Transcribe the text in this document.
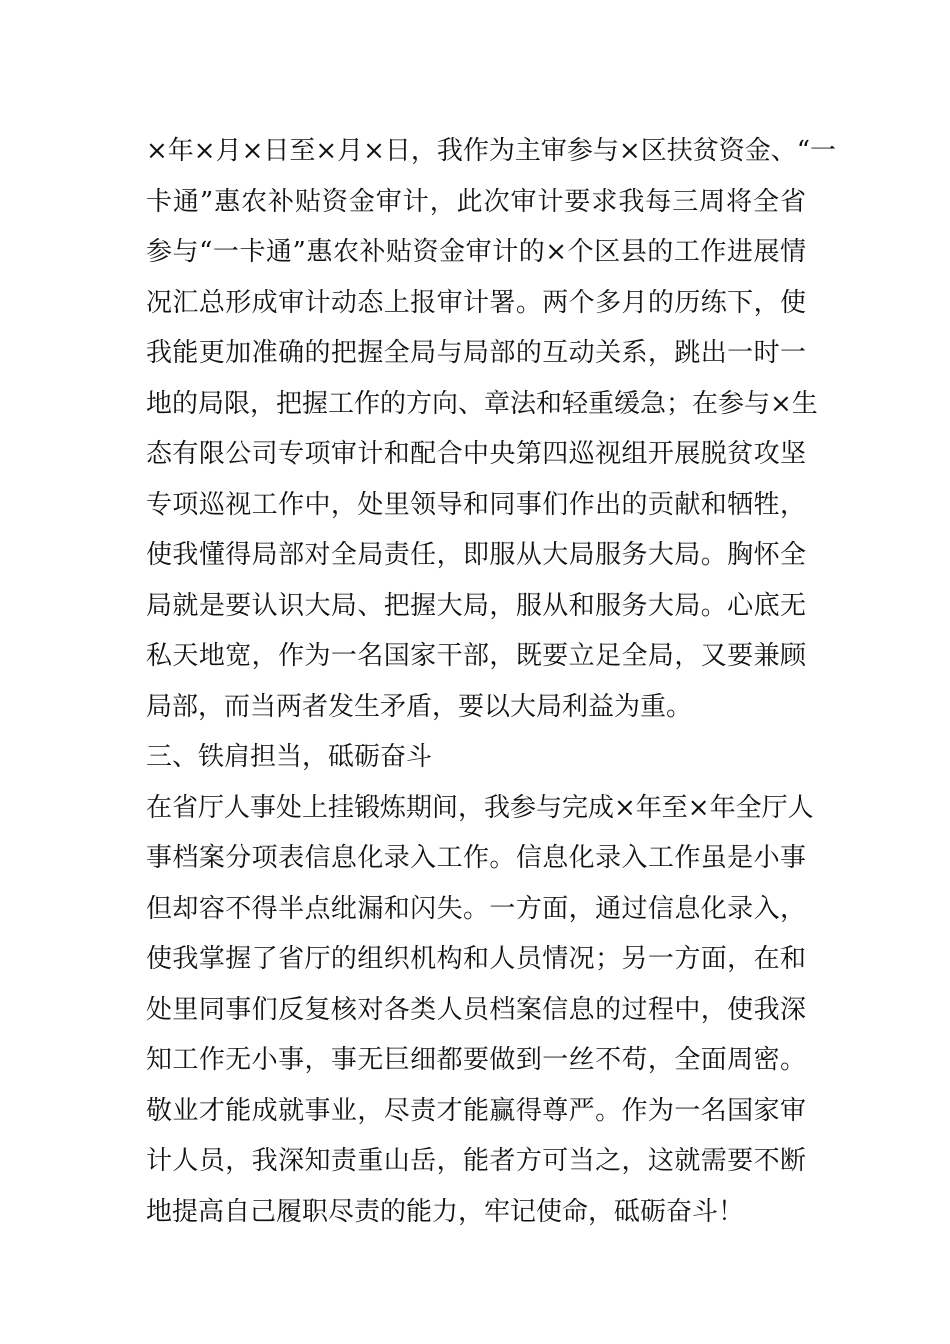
×年×月×日至×月×日，我作为主审参与×区扶贫资金、“一
卡通”惠农补贴资金审计，此次审计要求我每三周将全省
参与“一卡通”惠农补贴资金审计的×个区县的工作进展情
况汇总形成审计动态上报审计署。两个多月的历练下，使
我能更加准确的把握全局与局部的互动关系，跳出一时一
地的局限，把握工作的方向、章法和轻重缓急；在参与×生
态有限公司专项审计和配合中央第四巡视组开展脱贫攻坚
专项巡视工作中，处里领导和同事们作出的贡献和牺牲，
使我懂得局部对全局责任，即服从大局服务大局。胸怀全
局就是要认识大局、把握大局，服从和服务大局。心底无
私天地宽，作为一名国家干部，既要立足全局，又要兼顾
局部，而当两者发生矛盾，要以大局利益为重。
三、铁肩担当，砥砺奋斗
在省厅人事处上挂锻炼期间，我参与完成×年至×年全厅人
事档案分项表信息化录入工作。信息化录入工作虽是小事
但却容不得半点纰漏和闪失。一方面，通过信息化录入，
使我掌握了省厅的组织机构和人员情况；另一方面，在和
处里同事们反复核对各类人员档案信息的过程中，使我深
知工作无小事，事无巨细都要做到一丝不苟，全面周密。
敬业才能成就事业，尽责才能赢得尊严。作为一名国家审
计人员，我深知责重山岳，能者方可当之，这就需要不断
地提高自己履职尽责的能力，牢记使命，砥砺奋斗！
